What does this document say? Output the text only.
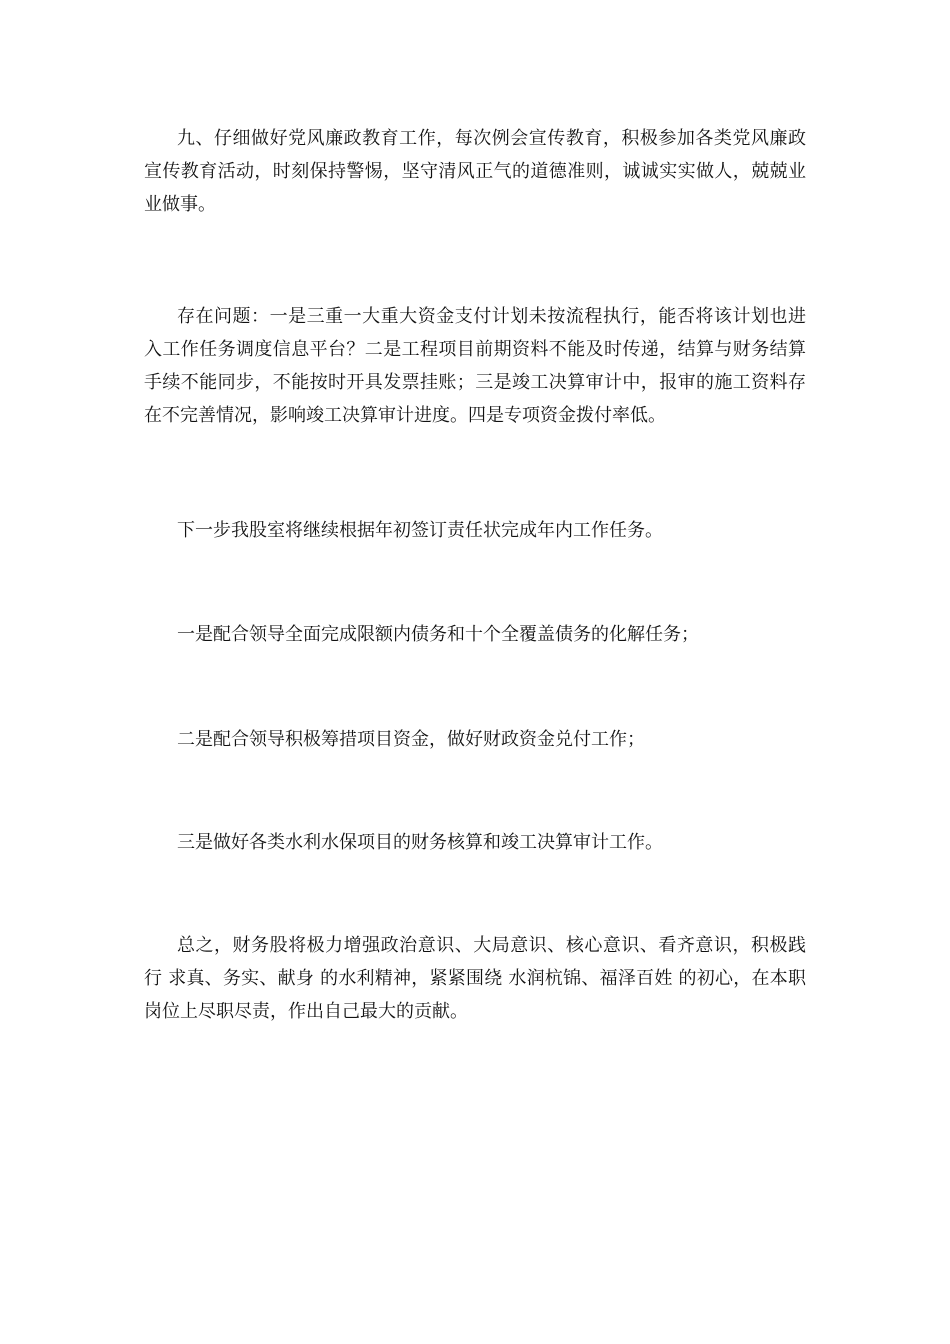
九、仔细做好党风廉政教育工作，每次例会宣传教育，积极参加各类党风廉政宣传教育活动，时刻保持警惕，坚守清风正气的道德准则，诚诚实实做人，兢兢业业做事。

存在问题：一是三重一大重大资金支付计划未按流程执行，能否将该计划也进入工作任务调度信息平台？二是工程项目前期资料不能及时传递，结算与财务结算手续不能同步，不能按时开具发票挂账；三是竣工决算审计中，报审的施工资料存在不完善情况，影响竣工决算审计进度。四是专项资金拨付率低。

下一步我股室将继续根据年初签订责任状完成年内工作任务。

一是配合领导全面完成限额内债务和十个全覆盖债务的化解任务；

二是配合领导积极筹措项目资金，做好财政资金兑付工作；

三是做好各类水利水保项目的财务核算和竣工决算审计工作。

总之，财务股将极力增强政治意识、大局意识、核心意识、看齐意识，积极践行 求真、务实、献身 的水利精神，紧紧围绕 水润杭锦、福泽百姓 的初心，在本职岗位上尽职尽责，作出自己最大的贡献。
